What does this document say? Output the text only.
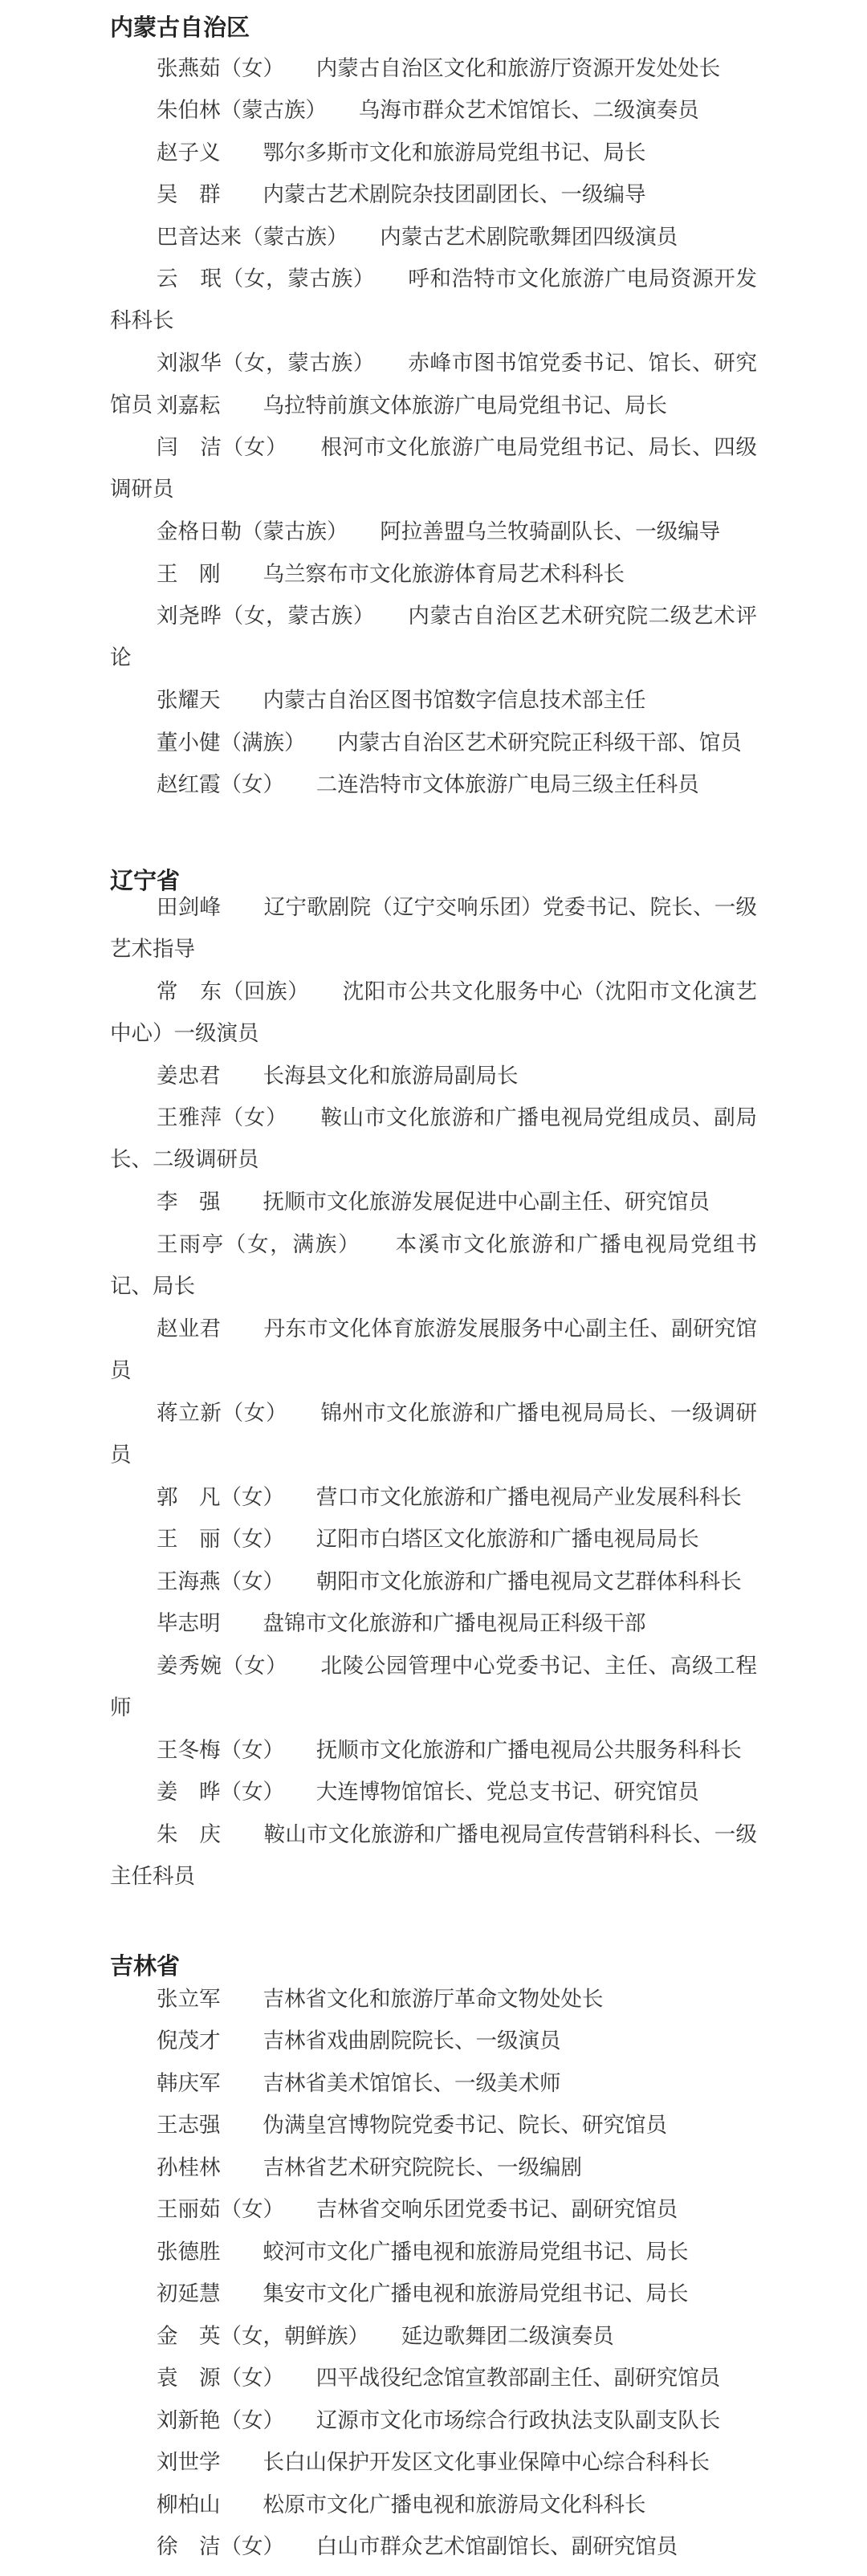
内蒙古自治区

张燕茹（女）　　 内蒙古自治区文化和旅游厅资源开发处处长

朱伯林（蒙古族）　　 乌海市群众艺术馆馆长、二级演奏员

赵子义　　 鄂尔多斯市文化和旅游局党组书记、局长

吴　群　　 内蒙古艺术剧院杂技团副团长、一级编导

巴音达来（蒙古族）　　 内蒙古艺术剧院歌舞团四级演员

云　珉（女，蒙古族）　　 呼和浩特市文化旅游广电局资源开发科科长

刘淑华（女，蒙古族）　　 赤峰市图书馆党委书记、馆长、研究馆员 刘嘉耘　　 乌拉特前旗文体旅游广电局党组书记、局长

闫　洁（女）　　 根河市文化旅游广电局党组书记、局长、四级调研员

金格日勒（蒙古族）　　 阿拉善盟乌兰牧骑副队长、一级编导

王　刚　　 乌兰察布市文化旅游体育局艺术科科长

刘尧晔（女，蒙古族）　　 内蒙古自治区艺术研究院二级艺术评论

张耀天　　 内蒙古自治区图书馆数字信息技术部主任

董小健（满族）　　 内蒙古自治区艺术研究院正科级干部、馆员

赵红霞（女）　　 二连浩特市文体旅游广电局三级主任科员

辽宁省

田剑峰　　 辽宁歌剧院（辽宁交响乐团）党委书记、院长、一级艺术指导

常　东（回族）　　 沈阳市公共文化服务中心（沈阳市文化演艺中心）一级演员

姜忠君　　 长海县文化和旅游局副局长

王雅萍（女）　　 鞍山市文化旅游和广播电视局党组成员、副局长、二级调研员

李　强　　 抚顺市文化旅游发展促进中心副主任、研究馆员

王雨亭（女，满族）　　 本溪市文化旅游和广播电视局党组书记、局长

赵业君　　 丹东市文化体育旅游发展服务中心副主任、副研究馆员

蒋立新（女）　　 锦州市文化旅游和广播电视局局长、一级调研员

郭　凡（女）　　 营口市文化旅游和广播电视局产业发展科科长

王　丽（女）　　 辽阳市白塔区文化旅游和广播电视局局长

王海燕（女）　　 朝阳市文化旅游和广播电视局文艺群体科科长

毕志明　　 盘锦市文化旅游和广播电视局正科级干部

姜秀婉（女）　　 北陵公园管理中心党委书记、主任、高级工程师

王冬梅（女）　　 抚顺市文化旅游和广播电视局公共服务科科长

姜　晔（女）　　 大连博物馆馆长、党总支书记、研究馆员

朱　庆　　 鞍山市文化旅游和广播电视局宣传营销科科长、一级主任科员

吉林省

张立军　　 吉林省文化和旅游厅革命文物处处长

倪茂才　　 吉林省戏曲剧院院长、一级演员

韩庆军　　 吉林省美术馆馆长、一级美术师

王志强　　 伪满皇宫博物院党委书记、院长、研究馆员

孙桂林　　 吉林省艺术研究院院长、一级编剧

王丽茹（女）　　 吉林省交响乐团党委书记、副研究馆员

张德胜　　 蛟河市文化广播电视和旅游局党组书记、局长

初延慧　　 集安市文化广播电视和旅游局党组书记、局长

金　英（女，朝鲜族）　　 延边歌舞团二级演奏员

袁　源（女）　　 四平战役纪念馆宣教部副主任、副研究馆员

刘新艳（女）　　 辽源市文化市场综合行政执法支队副支队长

刘世学　　 长白山保护开发区文化事业保障中心综合科科长

柳柏山　　 松原市文化广播电视和旅游局文化科科长

徐　洁（女）　　 白山市群众艺术馆副馆长、副研究馆员
